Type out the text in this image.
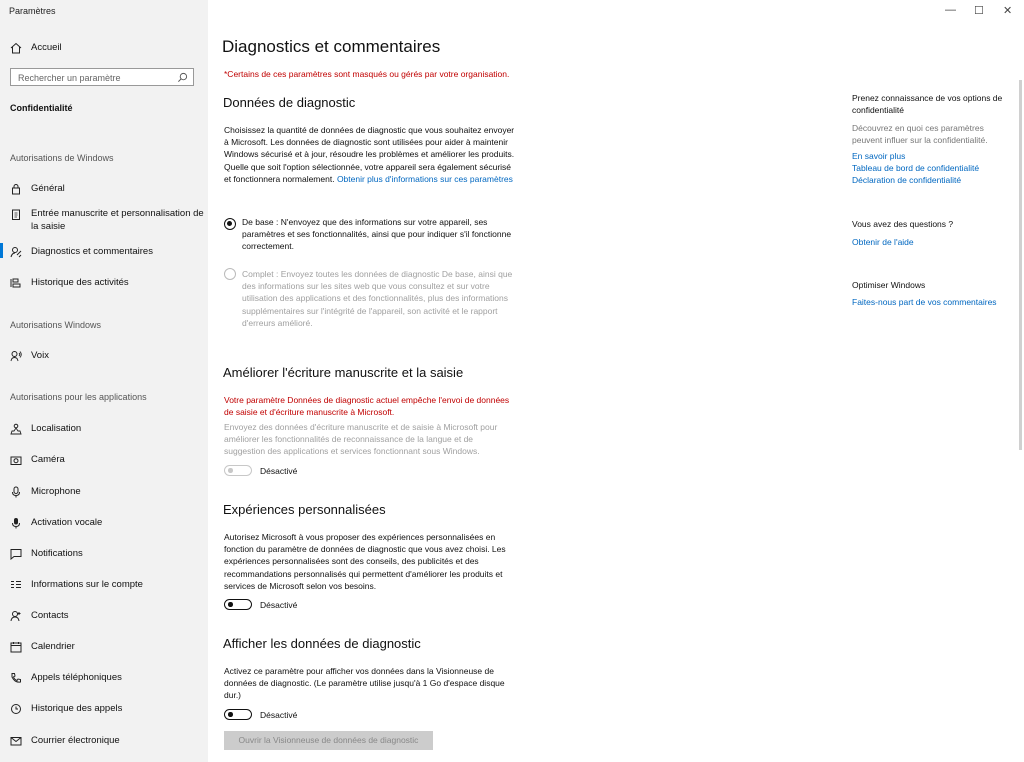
— ☐ ✕
Paramètres
Accueil
Rechercher un paramètre
Confidentialité
Autorisations de Windows
Général
Entrée manuscrite et personnalisation de la saisie
Diagnostics et commentaires
Historique des activités
Autorisations Windows
Voix
Autorisations pour les applications
Localisation
Caméra
Microphone
Activation vocale
Notifications
Informations sur le compte
Contacts
Calendrier
Appels téléphoniques
Historique des appels
Courrier électronique
Diagnostics et commentaires
*Certains de ces paramètres sont masqués ou gérés par votre organisation.
Données de diagnostic
Choisissez la quantité de données de diagnostic que vous souhaitez envoyer à Microsoft. Les données de diagnostic sont utilisées pour aider à maintenir Windows sécurisé et à jour, résoudre les problèmes et améliorer les produits. Quelle que soit l'option sélectionnée, votre appareil sera également sécurisé et fonctionnera normalement. Obtenir plus d'informations sur ces paramètres
De base : N'envoyez que des informations sur votre appareil, ses paramètres et ses fonctionnalités, ainsi que pour indiquer s'il fonctionne correctement.
Complet : Envoyez toutes les données de diagnostic De base, ainsi que des informations sur les sites web que vous consultez et sur votre utilisation des applications et des fonctionnalités, plus des informations supplémentaires sur l'intégrité de l'appareil, son activité et le rapport d'erreurs amélioré.
Améliorer l'écriture manuscrite et la saisie
Votre paramètre Données de diagnostic actuel empêche l'envoi de données de saisie et d'écriture manuscrite à Microsoft.
Envoyez des données d'écriture manuscrite et de saisie à Microsoft pour améliorer les fonctionnalités de reconnaissance de la langue et de suggestion des applications et services fonctionnant sous Windows.
Désactivé
Expériences personnalisées
Autorisez Microsoft à vous proposer des expériences personnalisées en fonction du paramètre de données de diagnostic que vous avez choisi. Les expériences personnalisées sont des conseils, des publicités et des recommandations personnalisés qui permettent d'améliorer les produits et services de Microsoft selon vos besoins.
Désactivé
Afficher les données de diagnostic
Activez ce paramètre pour afficher vos données dans la Visionneuse de données de diagnostic. (Le paramètre utilise jusqu'à 1 Go d'espace disque dur.)
Désactivé
Ouvrir la Visionneuse de données de diagnostic
Prenez connaissance de vos options de confidentialité
Découvrez en quoi ces paramètres peuvent influer sur la confidentialité.
En savoir plus
Tableau de bord de confidentialité
Déclaration de confidentialité
Vous avez des questions ?
Obtenir de l'aide
Optimiser Windows
Faites-nous part de vos commentaires
